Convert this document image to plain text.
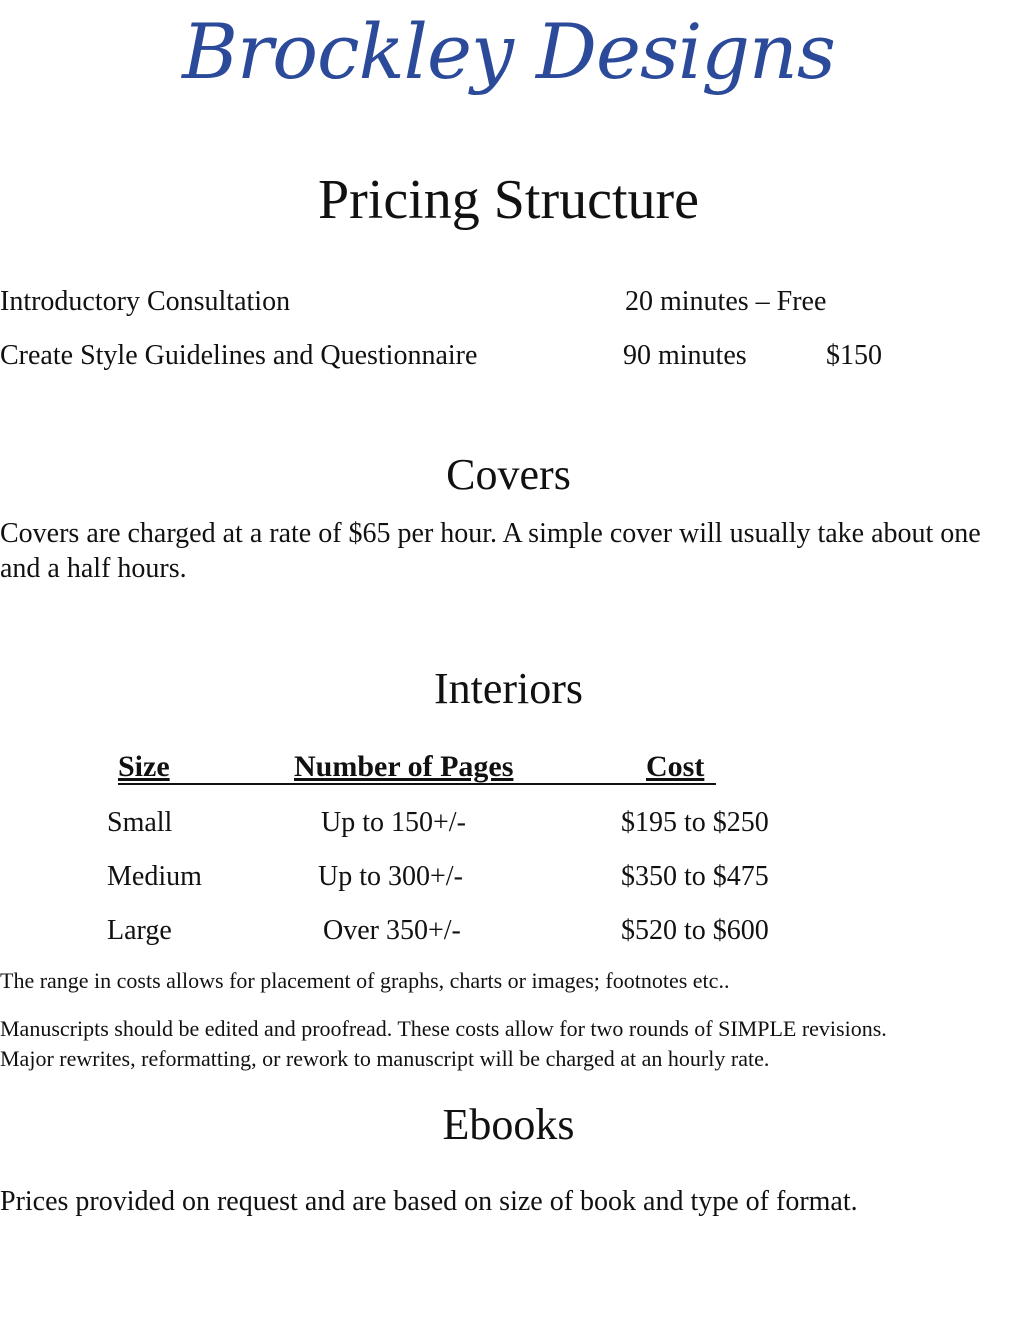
Brockley Designs
Pricing Structure
Introductory Consultation	20 minutes – Free
Create Style Guidelines and Questionnaire	90 minutes	$150
Covers
Covers are charged at a rate of $65 per hour. A simple cover will usually take about one and a half hours.
Interiors
Size	Number of Pages	Cost
Small	Up to 150+/-	$195 to $250
Medium	Up to 300+/-	$350 to $475
Large	Over 350+/-	$520 to $600
The range in costs allows for placement of graphs, charts or images; footnotes etc..
Manuscripts should be edited and proofread. These costs allow for two rounds of SIMPLE revisions.
Major rewrites, reformatting, or rework to manuscript will be charged at an hourly rate.
Ebooks
Prices provided on request and are based on size of book and type of format.
